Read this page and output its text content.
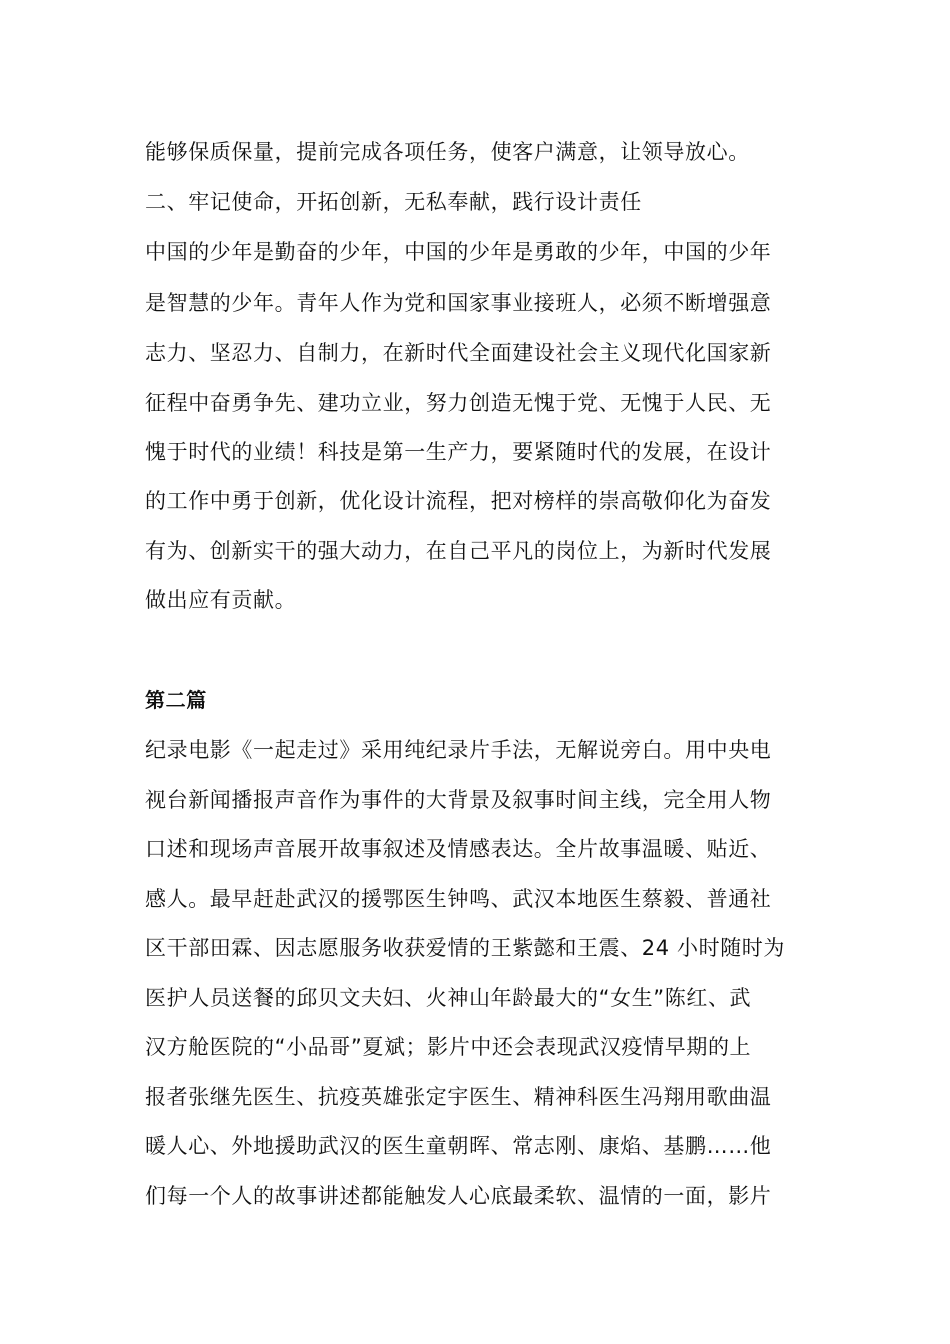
能够保质保量，提前完成各项任务，使客户满意，让领导放心。
二、牢记使命，开拓创新，无私奉献，践行设计责任
中国的少年是勤奋的少年，中国的少年是勇敢的少年，中国的少年
是智慧的少年。青年人作为党和国家事业接班人，必须不断增强意
志力、坚忍力、自制力，在新时代全面建设社会主义现代化国家新
征程中奋勇争先、建功立业，努力创造无愧于党、无愧于人民、无
愧于时代的业绩！科技是第一生产力，要紧随时代的发展，在设计
的工作中勇于创新，优化设计流程，把对榜样的崇高敬仰化为奋发
有为、创新实干的强大动力，在自己平凡的岗位上，为新时代发展
做出应有贡献。
第二篇
纪录电影《一起走过》采用纯纪录片手法，无解说旁白。用中央电
视台新闻播报声音作为事件的大背景及叙事时间主线，完全用人物
口述和现场声音展开故事叙述及情感表达。全片故事温暖、贴近、
感人。最早赶赴武汉的援鄂医生钟鸣、武汉本地医生蔡毅、普通社
区干部田霖、因志愿服务收获爱情的王紫懿和王震、24 小时随时为
医护人员送餐的邱贝文夫妇、火神山年龄最大的“女生”陈红、武
汉方舱医院的“小品哥”夏斌；影片中还会表现武汉疫情早期的上
报者张继先医生、抗疫英雄张定宇医生、精神科医生冯翔用歌曲温
暖人心、外地援助武汉的医生童朝晖、常志刚、康焰、基鹏……他
们每一个人的故事讲述都能触发人心底最柔软、温情的一面，影片
